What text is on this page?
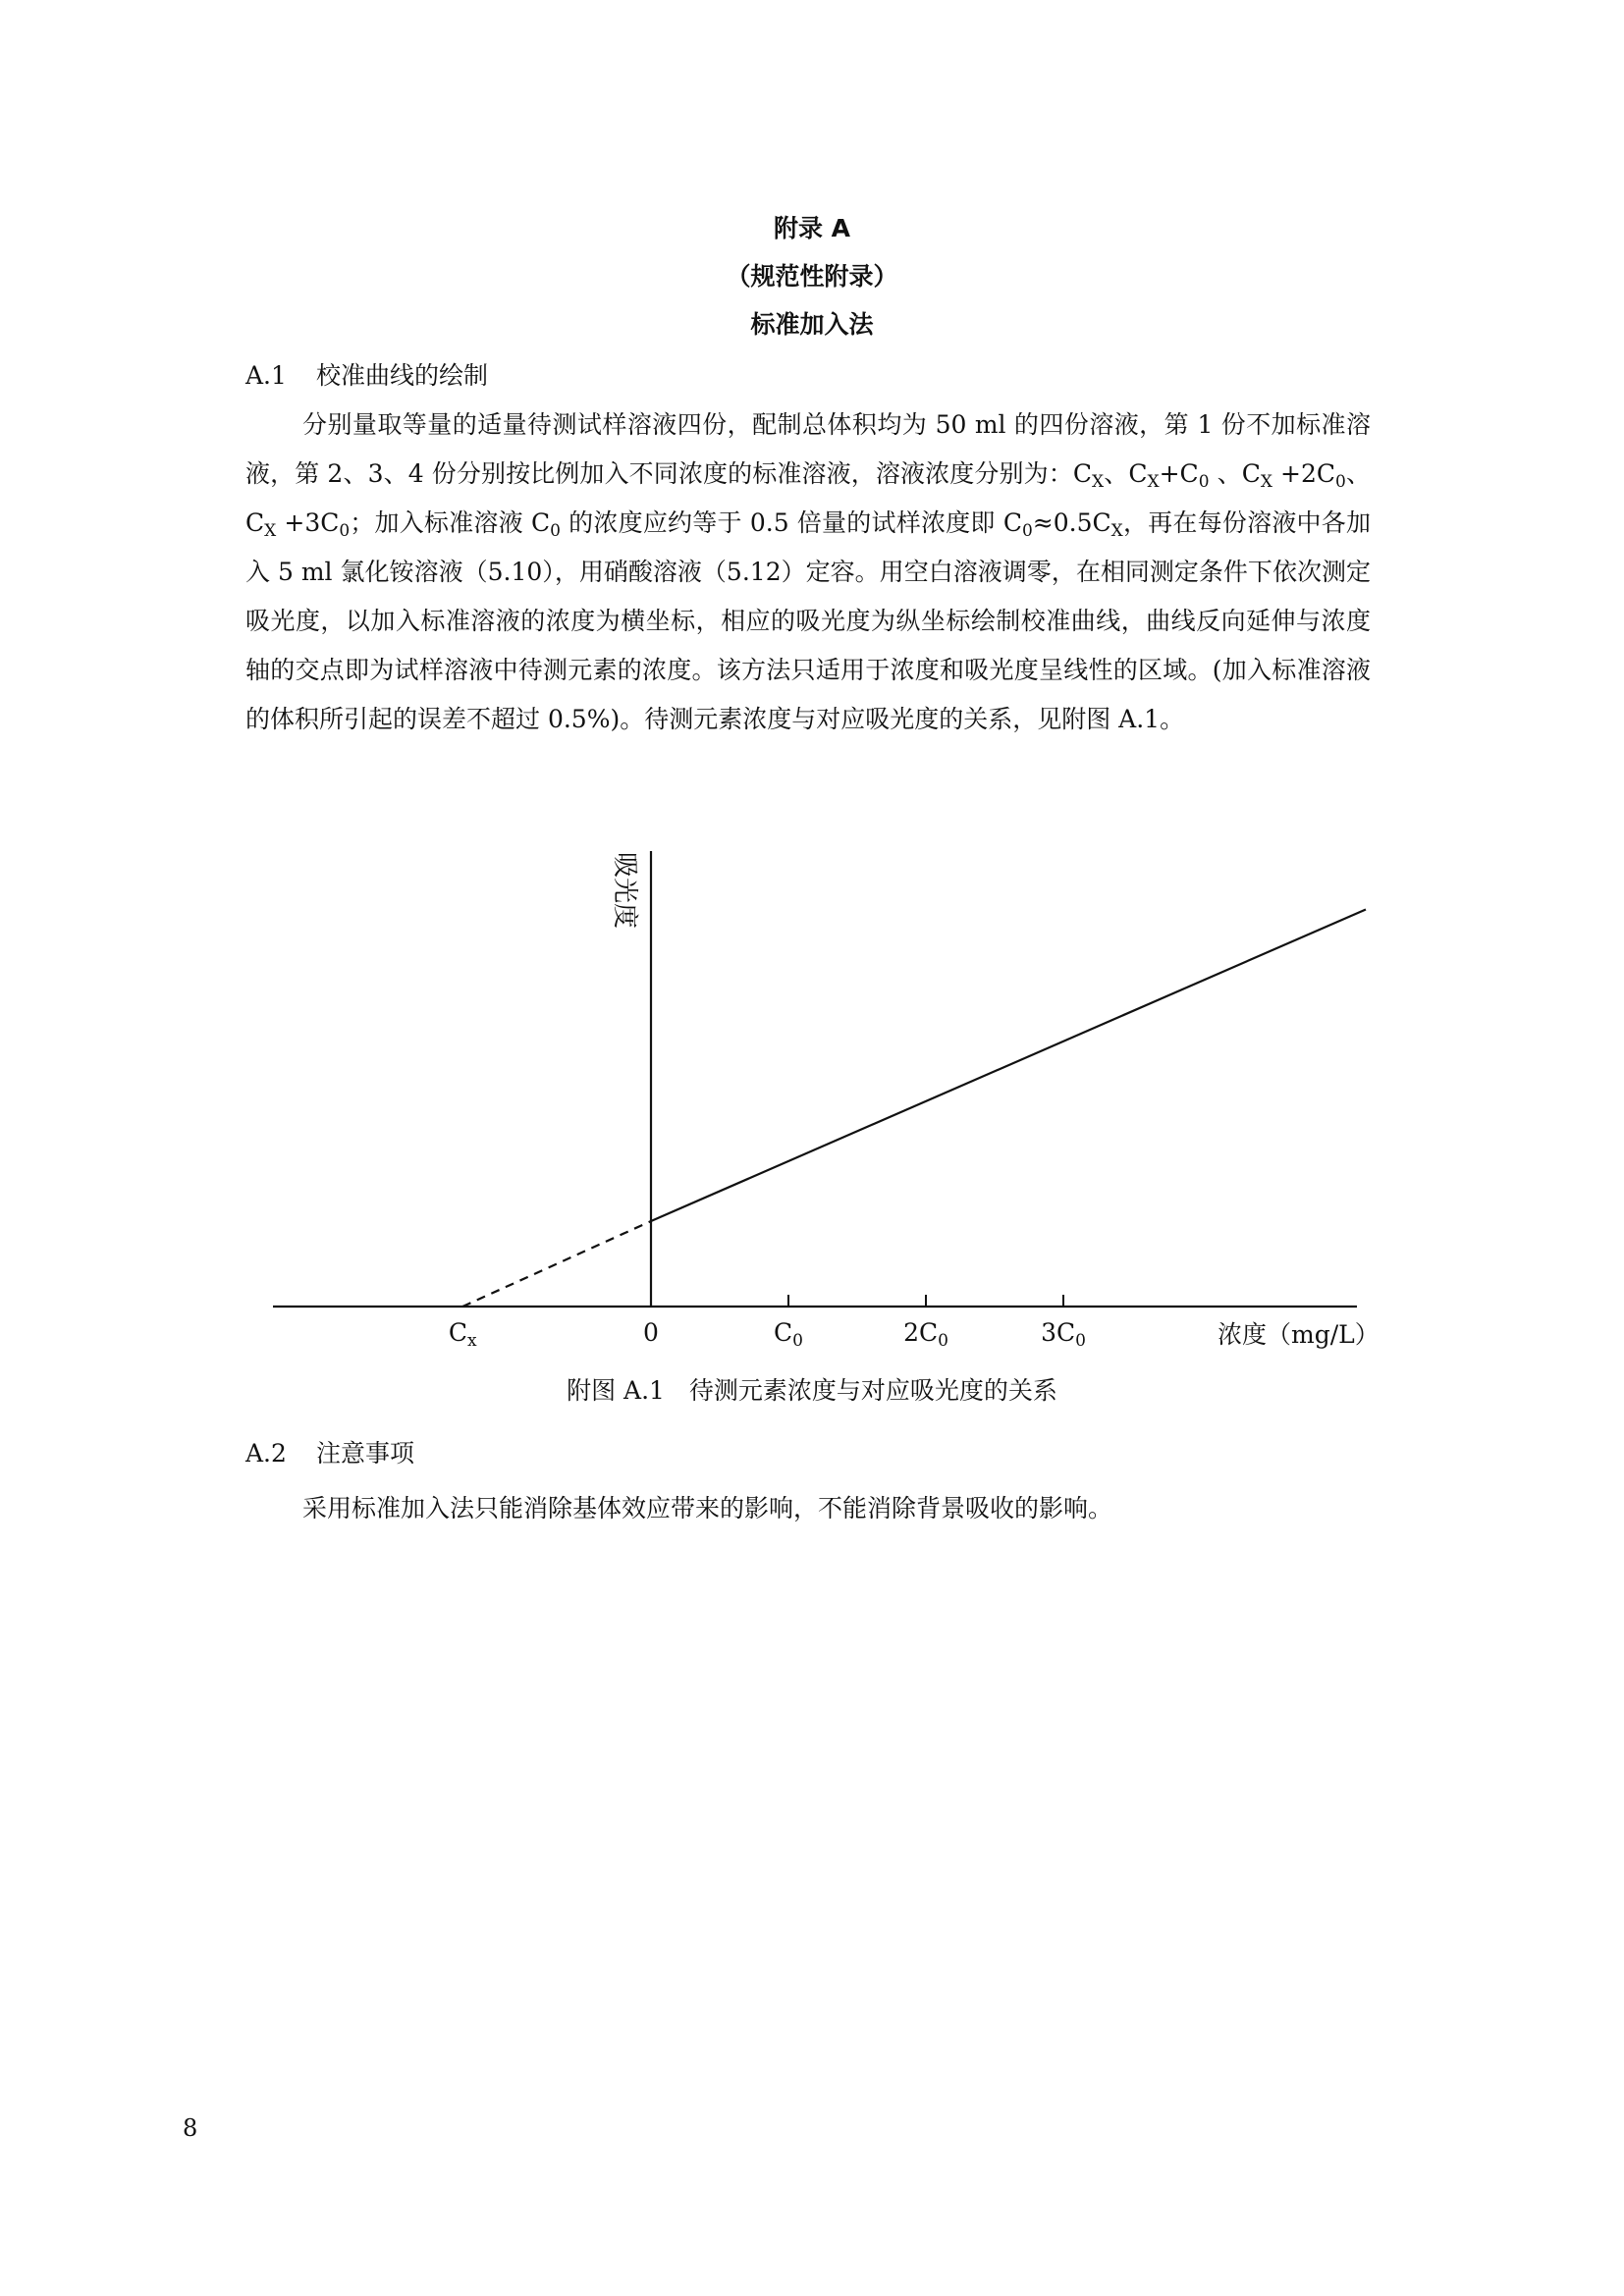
附录 A
（规范性附录）
标准加入法
A.1 校准曲线的绘制

分别量取等量的适量待测试样溶液四份，配制总体积均为 50 ml 的四份溶液，第 1 份不加标准溶液，第 2、3、4 份分别按比例加入不同浓度的标准溶液，溶液浓度分别为：$C_X$、$C_X+C_0$ 、$C_X +2C_0$、$C_X +3C_0$；加入标准溶液 $C_0$ 的浓度应约等于 0.5 倍量的试样浓度即 $C_0\approx 0.5C_X$，再在每份溶液中各加入 5 ml 氯化铵溶液（5.10），用硝酸溶液（5.12）定容。用空白溶液调零，在相同测定条件下依次测定吸光度，以加入标准溶液的浓度为横坐标，相应的吸光度为纵坐标绘制校准曲线，曲线反向延伸与浓度轴的交点即为试样溶液中待测元素的浓度。该方法只适用于浓度和吸光度呈线性的区域。(加入标准溶液的体积所引起的误差不超过 0.5%)。待测元素浓度与对应吸光度的关系，见附图 A.1。

吸光度
浓度（mg/L）
$C_x$	0	$C_0$	$2C_0$	$3C_0$
附图 A.1　待测元素浓度与对应吸光度的关系
A.2 注意事项

采用标准加入法只能消除基体效应带来的影响，不能消除背景吸收的影响。

8
